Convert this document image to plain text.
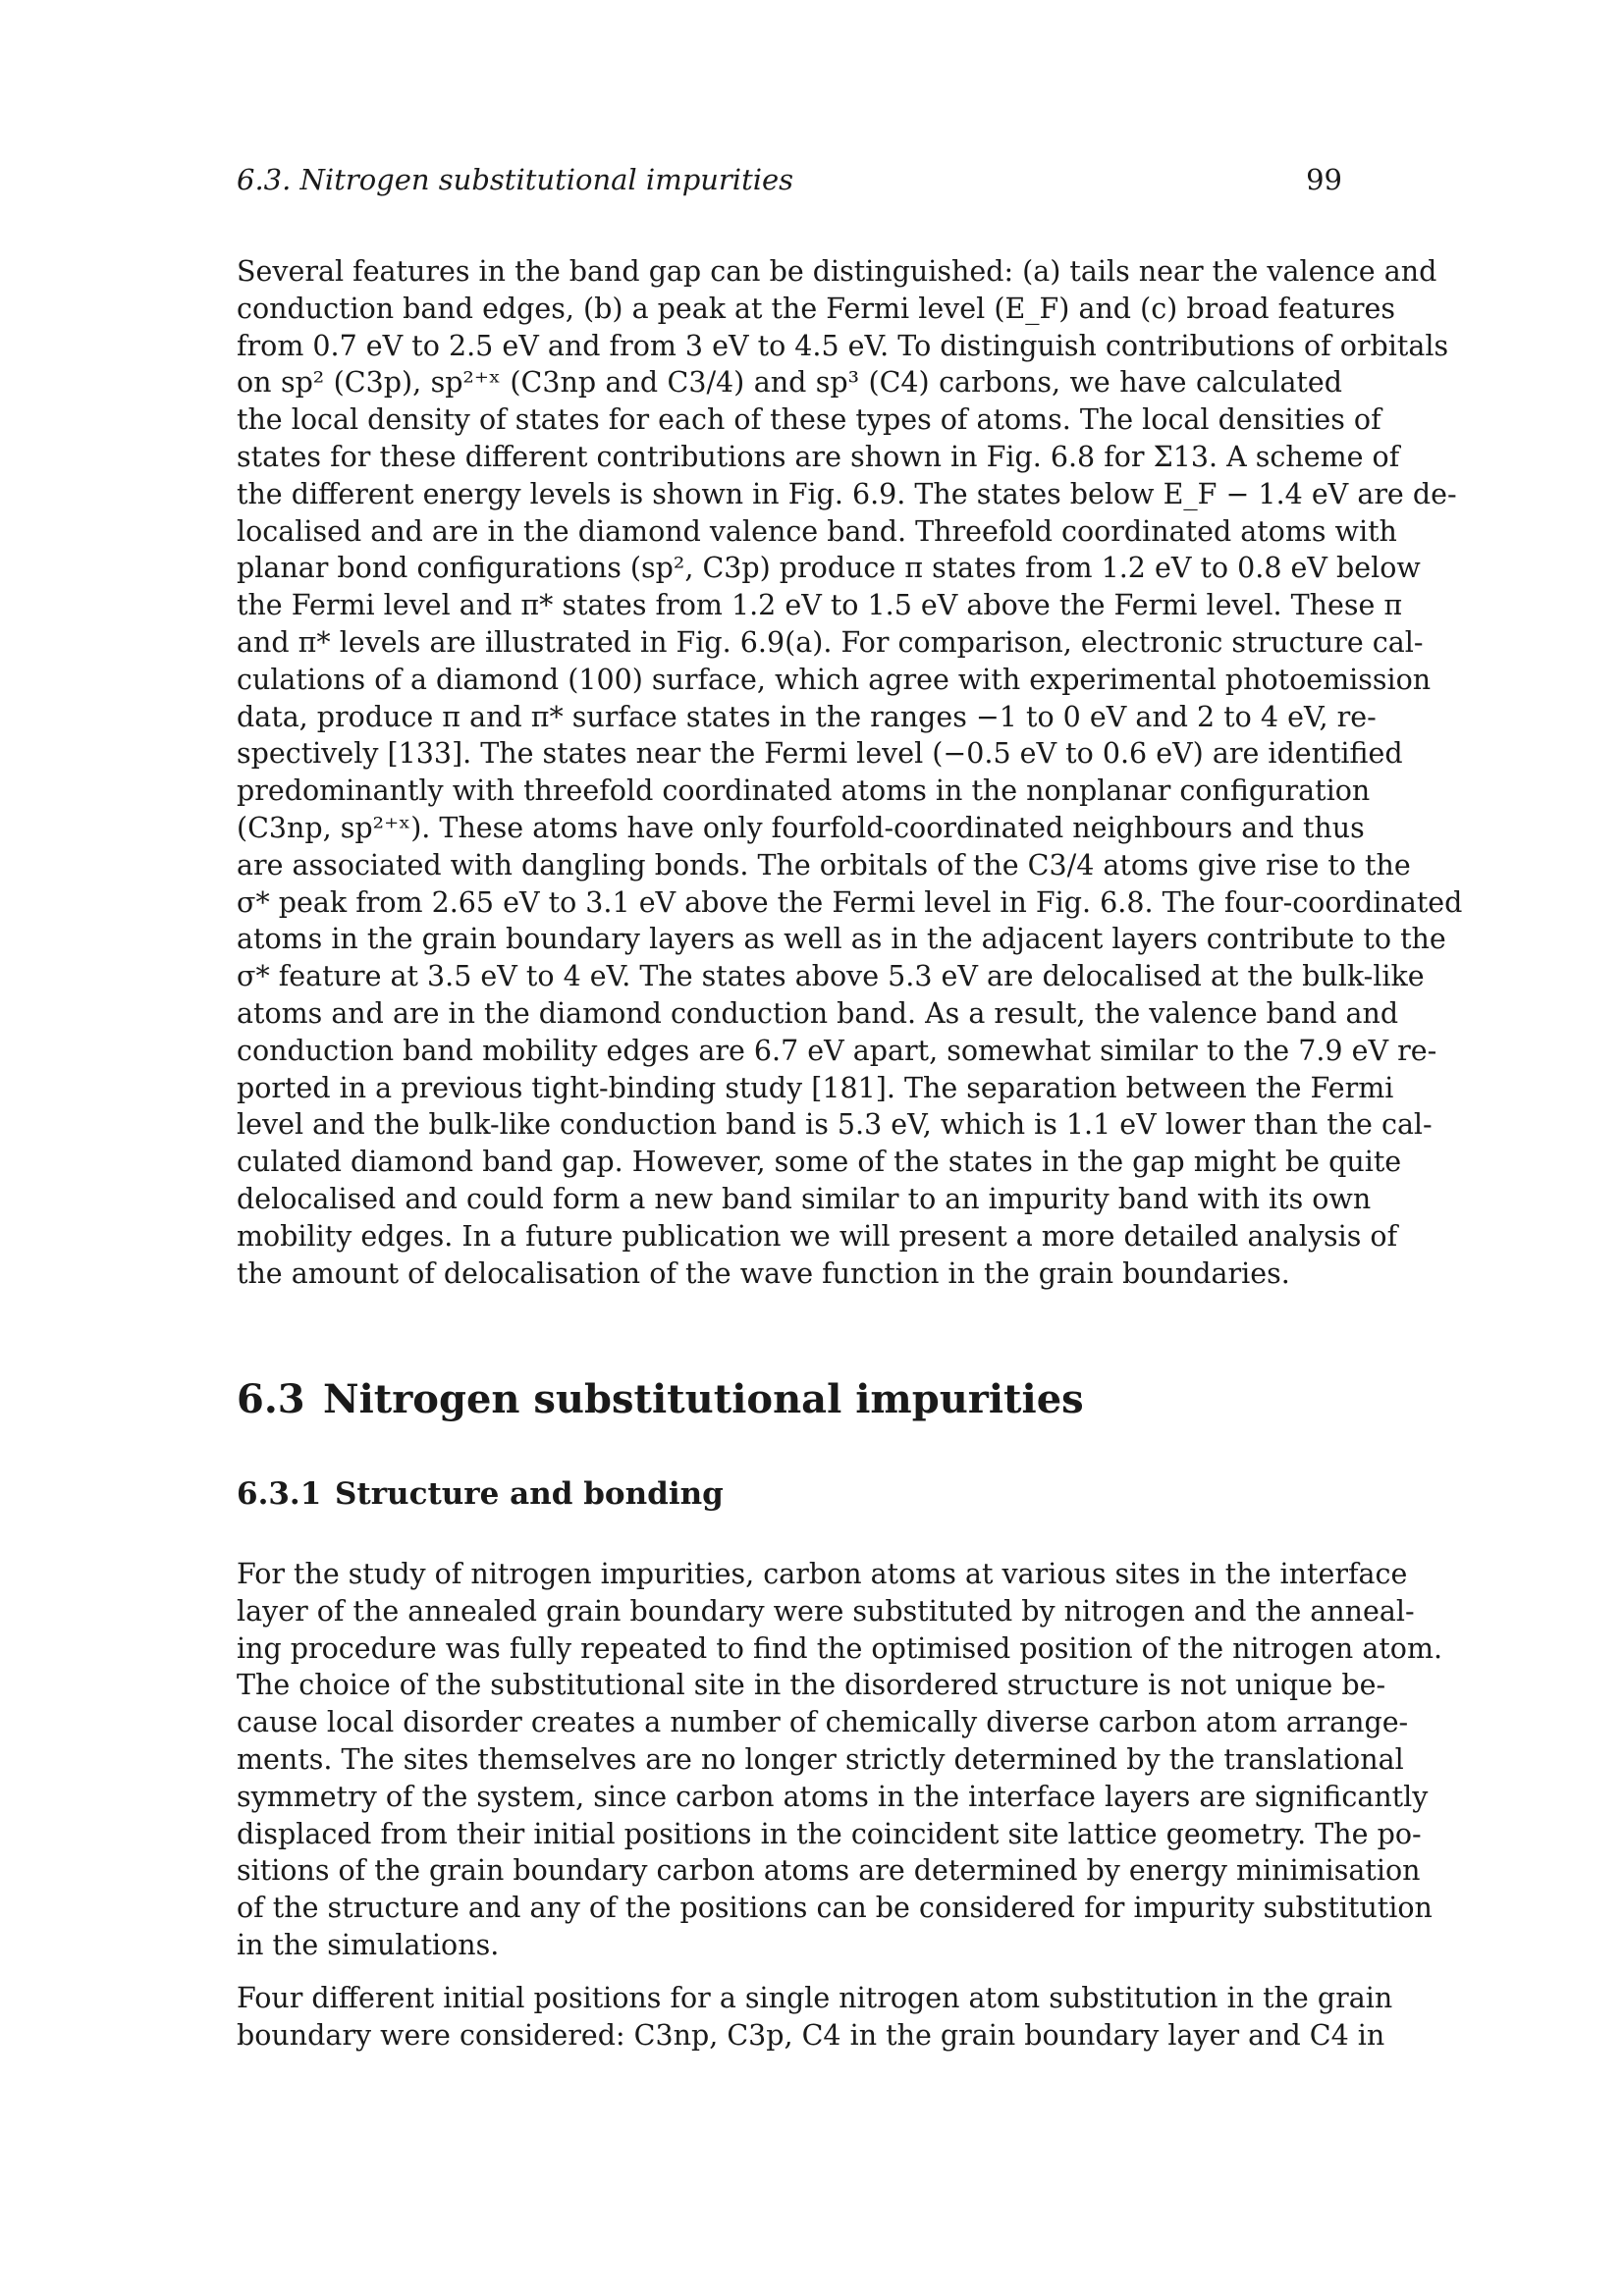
6.3. Nitrogen substitutional impurities	99

Several features in the band gap can be distinguished: (a) tails near the valence and
conduction band edges, (b) a peak at the Fermi level (E_F) and (c) broad features
from 0.7 eV to 2.5 eV and from 3 eV to 4.5 eV. To distinguish contributions of orbitals
on sp² (C3p), sp²⁺ˣ (C3np and C3/4) and sp³ (C4) carbons, we have calculated
the local density of states for each of these types of atoms. The local densities of
states for these different contributions are shown in Fig. 6.8 for Σ13. A scheme of
the different energy levels is shown in Fig. 6.9. The states below E_F − 1.4 eV are de-
localised and are in the diamond valence band. Threefold coordinated atoms with
planar bond configurations (sp², C3p) produce π states from 1.2 eV to 0.8 eV below
the Fermi level and π* states from 1.2 eV to 1.5 eV above the Fermi level. These π
and π* levels are illustrated in Fig. 6.9(a). For comparison, electronic structure cal-
culations of a diamond (100) surface, which agree with experimental photoemission
data, produce π and π* surface states in the ranges −1 to 0 eV and 2 to 4 eV, re-
spectively [133]. The states near the Fermi level (−0.5 eV to 0.6 eV) are identified
predominantly with threefold coordinated atoms in the nonplanar configuration
(C3np, sp²⁺ˣ). These atoms have only fourfold-coordinated neighbours and thus
are associated with dangling bonds. The orbitals of the C3/4 atoms give rise to the
σ* peak from 2.65 eV to 3.1 eV above the Fermi level in Fig. 6.8. The four-coordinated
atoms in the grain boundary layers as well as in the adjacent layers contribute to the
σ* feature at 3.5 eV to 4 eV. The states above 5.3 eV are delocalised at the bulk-like
atoms and are in the diamond conduction band. As a result, the valence band and
conduction band mobility edges are 6.7 eV apart, somewhat similar to the 7.9 eV re-
ported in a previous tight-binding study [181]. The separation between the Fermi
level and the bulk-like conduction band is 5.3 eV, which is 1.1 eV lower than the cal-
culated diamond band gap. However, some of the states in the gap might be quite
delocalised and could form a new band similar to an impurity band with its own
mobility edges. In a future publication we will present a more detailed analysis of
the amount of delocalisation of the wave function in the grain boundaries.

6.3 Nitrogen substitutional impurities
6.3.1 Structure and bonding

For the study of nitrogen impurities, carbon atoms at various sites in the interface
layer of the annealed grain boundary were substituted by nitrogen and the anneal-
ing procedure was fully repeated to find the optimised position of the nitrogen atom.
The choice of the substitutional site in the disordered structure is not unique be-
cause local disorder creates a number of chemically diverse carbon atom arrange-
ments. The sites themselves are no longer strictly determined by the translational
symmetry of the system, since carbon atoms in the interface layers are significantly
displaced from their initial positions in the coincident site lattice geometry. The po-
sitions of the grain boundary carbon atoms are determined by energy minimisation
of the structure and any of the positions can be considered for impurity substitution
in the simulations.

Four different initial positions for a single nitrogen atom substitution in the grain
boundary were considered: C3np, C3p, C4 in the grain boundary layer and C4 in
